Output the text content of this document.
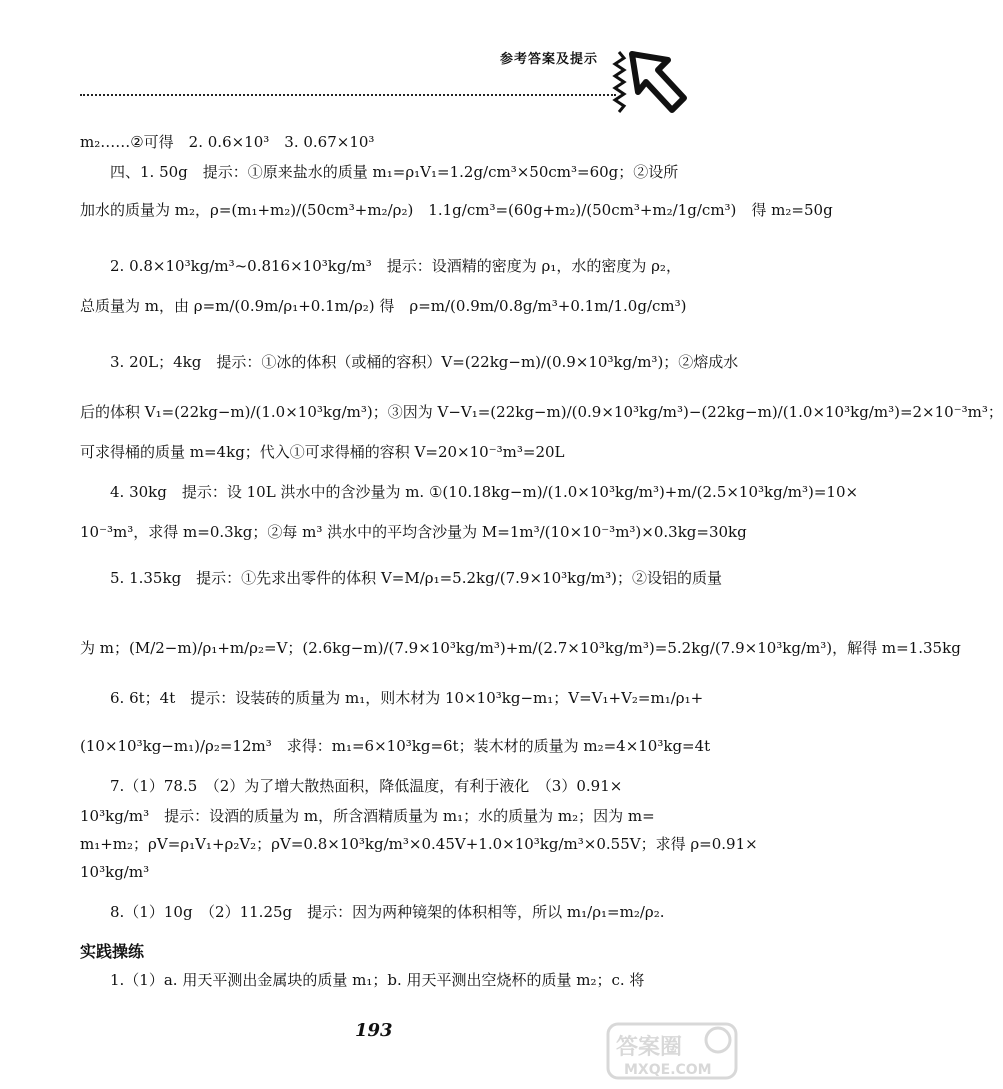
参考答案及提示
m₂……②可得　2. 0.6×10³　3. 0.67×10³
四、1. 50g　提示：①原来盐水的质量 m₁=ρ₁V₁=1.2g/cm³×50cm³=60g；②设所
加水的质量为 m₂，ρ=(m₁+m₂)/(50cm³+m₂/ρ₂)　1.1g/cm³=(60g+m₂)/(50cm³+m₂/1g/cm³)　得 m₂=50g
2. 0.8×10³kg/m³~0.816×10³kg/m³　提示：设酒精的密度为 ρ₁，水的密度为 ρ₂，
总质量为 m，由 ρ=m/(0.9m/ρ₁+0.1m/ρ₂) 得　ρ=m/(0.9m/0.8g/m³+0.1m/1.0g/cm³)
3. 20L；4kg　提示：①冰的体积（或桶的容积）V=(22kg−m)/(0.9×10³kg/m³)；②熔成水
后的体积 V₁=(22kg−m)/(1.0×10³kg/m³)；③因为 V−V₁=(22kg−m)/(0.9×10³kg/m³)−(22kg−m)/(1.0×10³kg/m³)=2×10⁻³m³；
可求得桶的质量 m=4kg；代入①可求得桶的容积 V=20×10⁻³m³=20L
4. 30kg　提示：设 10L 洪水中的含沙量为 m. ①(10.18kg−m)/(1.0×10³kg/m³)+m/(2.5×10³kg/m³)=10×
10⁻³m³，求得 m=0.3kg；②每 m³ 洪水中的平均含沙量为 M=1m³/(10×10⁻³m³)×0.3kg=30kg
5. 1.35kg　提示：①先求出零件的体积 V=M/ρ₁=5.2kg/(7.9×10³kg/m³)；②设铝的质量
为 m；(M/2−m)/ρ₁+m/ρ₂=V；(2.6kg−m)/(7.9×10³kg/m³)+m/(2.7×10³kg/m³)=5.2kg/(7.9×10³kg/m³)，解得 m=1.35kg
6. 6t；4t　提示：设装砖的质量为 m₁，则木材为 10×10³kg−m₁；V=V₁+V₂=m₁/ρ₁+
(10×10³kg−m₁)/ρ₂=12m³　求得：m₁=6×10³kg=6t；装木材的质量为 m₂=4×10³kg=4t
7.（1）78.5　（2）为了增大散热面积，降低温度，有利于液化　（3）0.91×
10³kg/m³　提示：设酒的质量为 m，所含酒精质量为 m₁；水的质量为 m₂；因为 m=
m₁+m₂；ρV=ρ₁V₁+ρ₂V₂；ρV=0.8×10³kg/m³×0.45V+1.0×10³kg/m³×0.55V；求得 ρ=0.91×
10³kg/m³
8.（1）10g　（2）11.25g　提示：因为两种镜架的体积相等，所以 m₁/ρ₁=m₂/ρ₂.
实践操练
1.（1）a. 用天平测出金属块的质量 m₁；b. 用天平测出空烧杯的质量 m₂；c. 将
193
答案圈
MXQE.COM
